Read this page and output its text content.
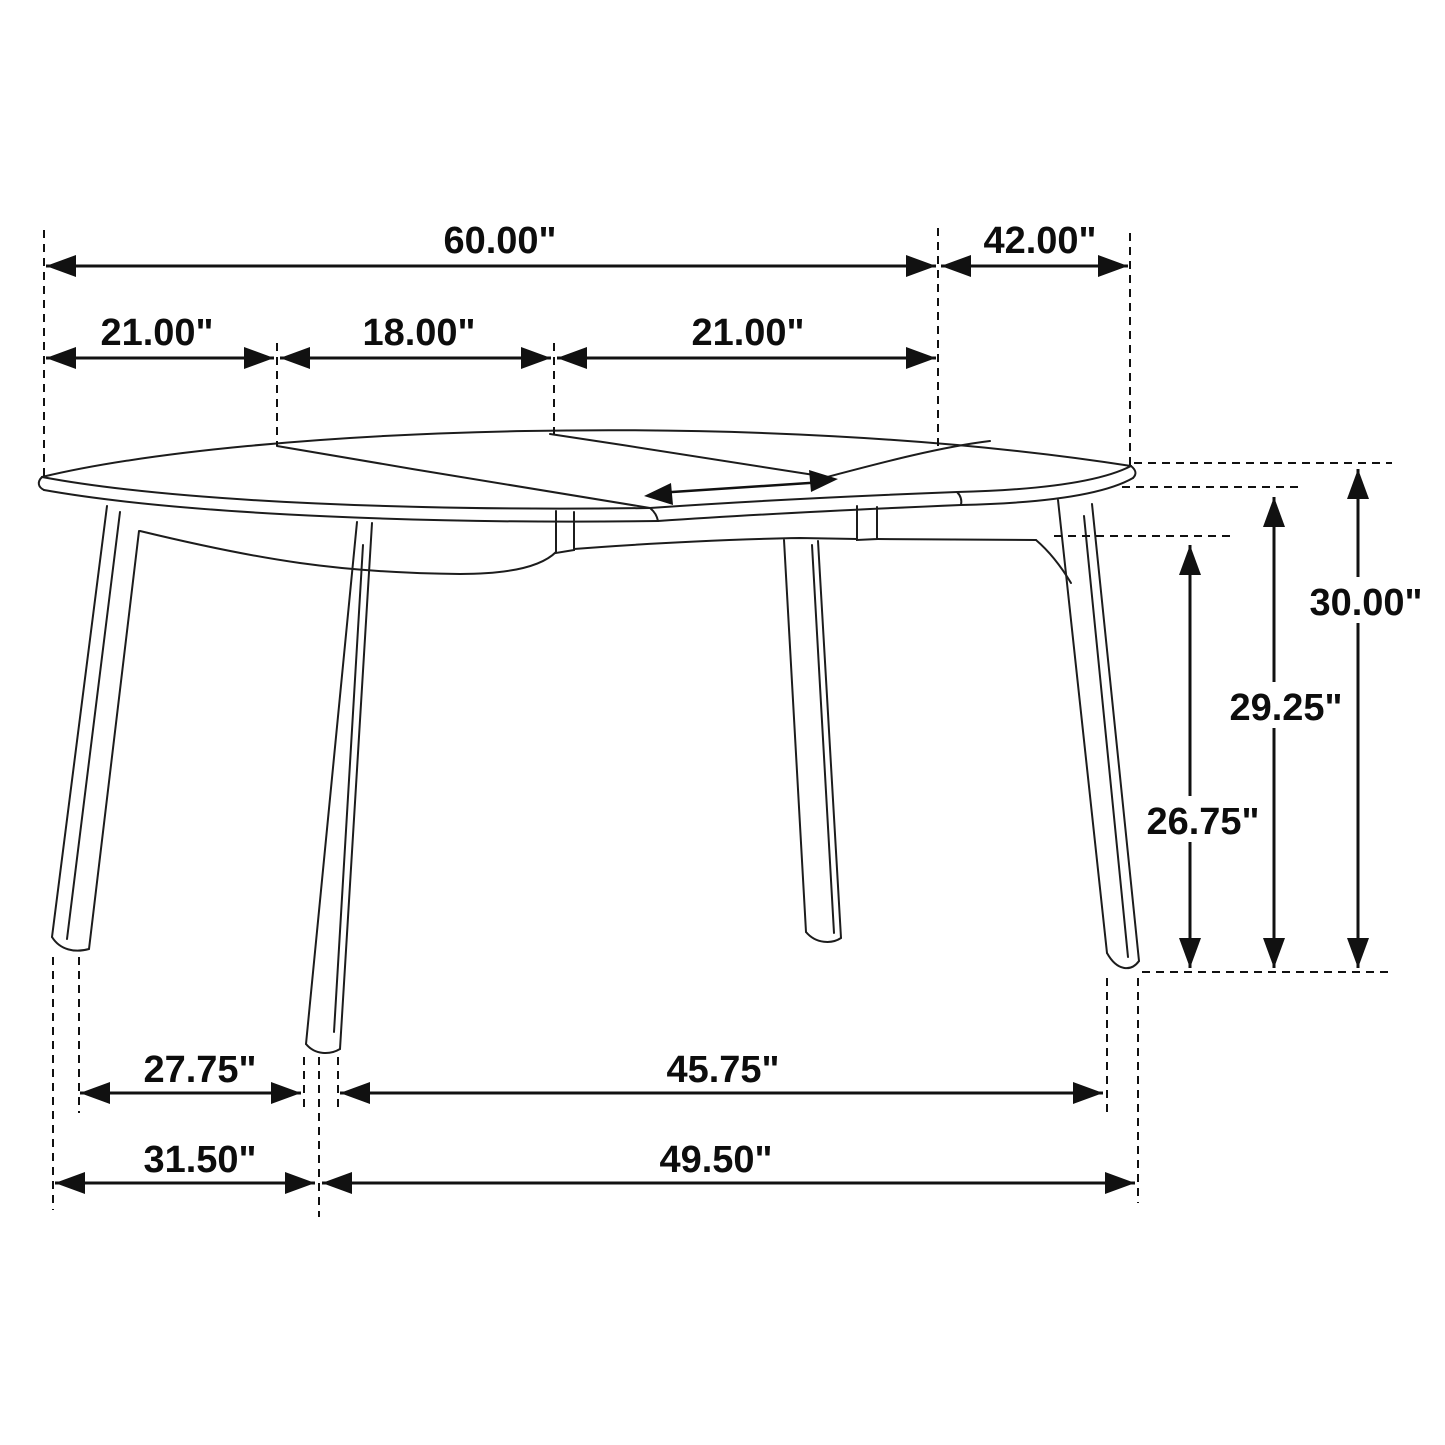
60.00"	42.00"
21.00"	18.00"	21.00"
30.00"
29.25"
26.75"
27.75"	45.75"
31.50"	49.50"
